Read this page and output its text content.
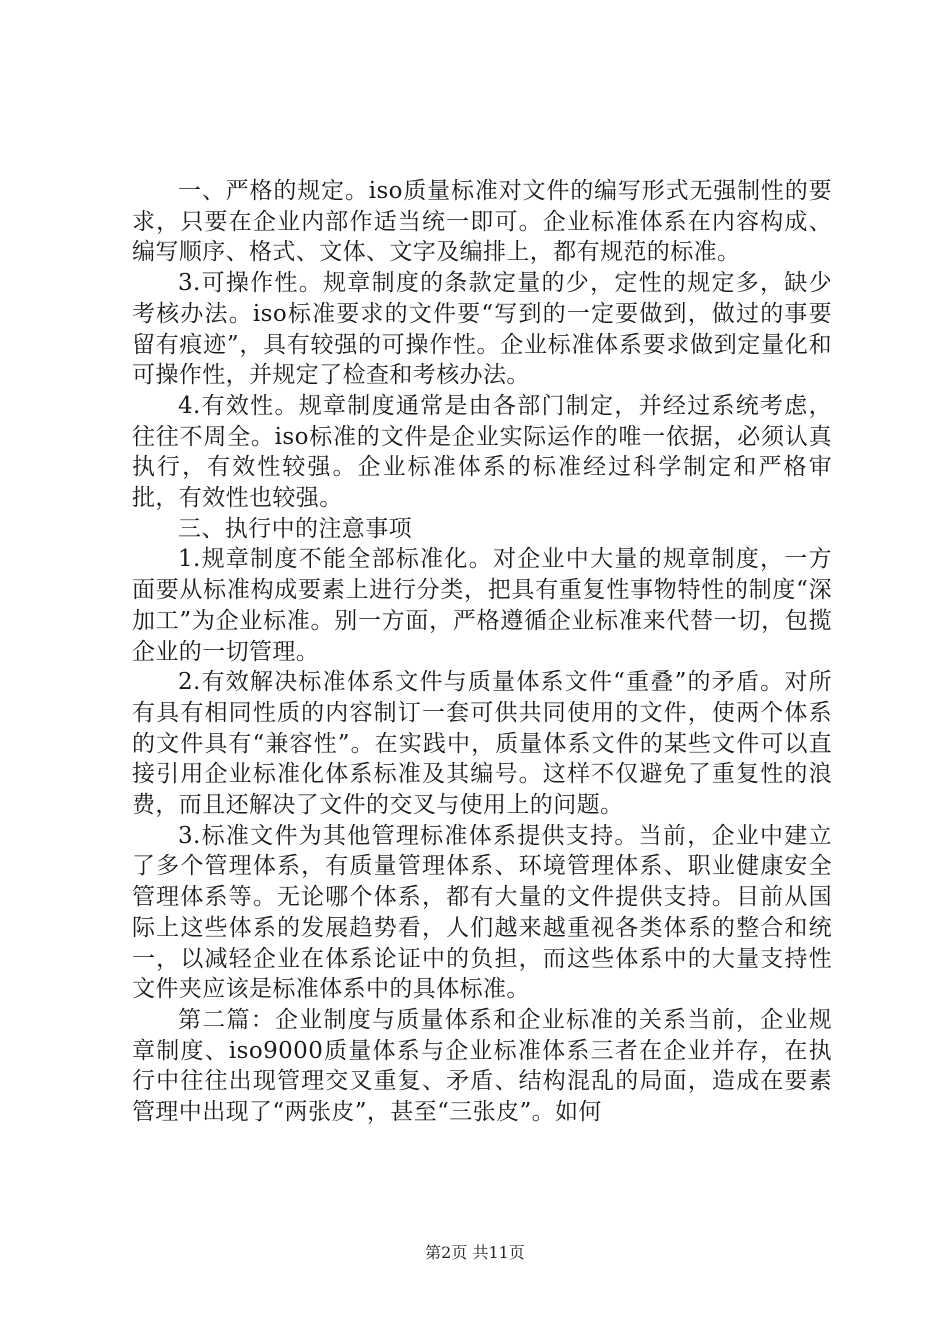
一、严格的规定。iso质量标准对文件的编写形式无强制性的要求，只要在企业内部作适当统一即可。企业标准体系在内容构成、编写顺序、格式、文体、文字及编排上，都有规范的标准。

3.可操作性。规章制度的条款定量的少，定性的规定多，缺少考核办法。iso标准要求的文件要“写到的一定要做到，做过的事要留有痕迹”，具有较强的可操作性。企业标准体系要求做到定量化和可操作性，并规定了检查和考核办法。

4.有效性。规章制度通常是由各部门制定，并经过系统考虑，往往不周全。iso标准的文件是企业实际运作的唯一依据，必须认真执行，有效性较强。企业标准体系的标准经过科学制定和严格审批，有效性也较强。

三、执行中的注意事项

1.规章制度不能全部标准化。对企业中大量的规章制度，一方面要从标准构成要素上进行分类，把具有重复性事物特性的制度“深加工”为企业标准。别一方面，严格遵循企业标准来代替一切，包揽企业的一切管理。

2.有效解决标准体系文件与质量体系文件“重叠”的矛盾。对所有具有相同性质的内容制订一套可供共同使用的文件，使两个体系的文件具有“兼容性”。在实践中，质量体系文件的某些文件可以直接引用企业标准化体系标准及其编号。这样不仅避免了重复性的浪费，而且还解决了文件的交叉与使用上的问题。

3.标准文件为其他管理标准体系提供支持。当前，企业中建立了多个管理体系，有质量管理体系、环境管理体系、职业健康安全管理体系等。无论哪个体系，都有大量的文件提供支持。目前从国际上这些体系的发展趋势看，人们越来越重视各类体系的整合和统一，以减轻企业在体系论证中的负担，而这些体系中的大量支持性文件夹应该是标准体系中的具体标准。

第二篇：企业制度与质量体系和企业标准的关系当前，企业规章制度、iso9000质量体系与企业标准体系三者在企业并存，在执行中往往出现管理交叉重复、矛盾、结构混乱的局面，造成在要素管理中出现了“两张皮”，甚至“三张皮”。如何

第2页 共11页
